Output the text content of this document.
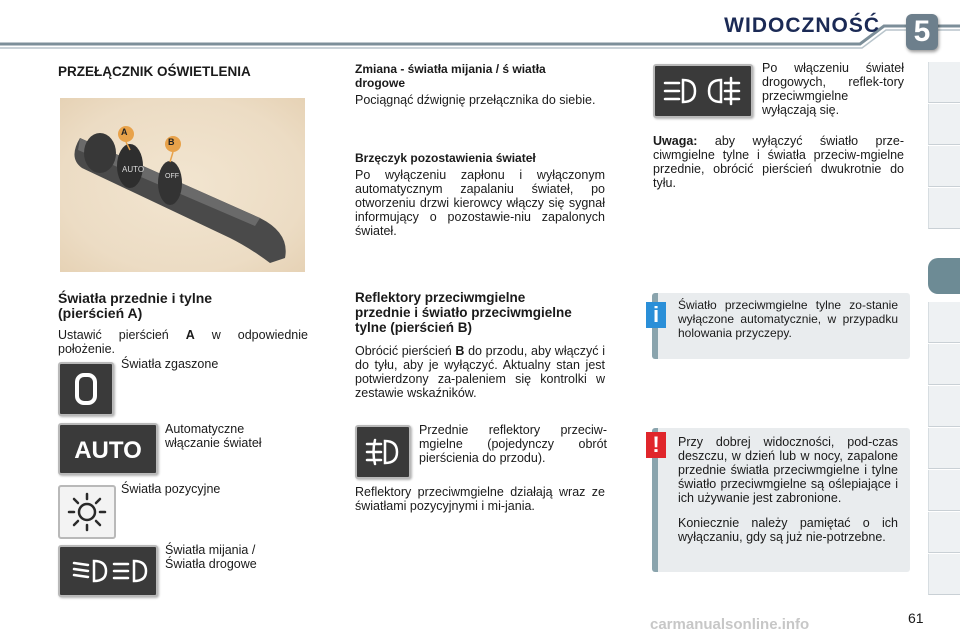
WIDOCZNOŚĆ 5
PRZEŁĄCZNIK OŚWIETLENIA
AUTO
OFF
A
B
Światła przednie i tylne
(pierścień A)
Ustawić pierścień A w odpowiednie położenie.
Światła zgaszone
AUTO
Automatyczne
włączanie świateł
Światła pozycyjne
Światła mijania /
Światła drogowe
Zmiana - światła mijania / ś wiatła
drogowe
Pociągnąć dźwignię przełącznika do siebie.
Brzęczyk pozostawienia świateł
Po wyłączeniu zapłonu i wyłączonym automatycznym zapalaniu świateł, po otworzeniu drzwi kierowcy włączy się sygnał informujący o pozostawie-niu zapalonych świateł.
Reflektory przeciwmgielne
przednie i światło przeciwmgielne
tylne (pierścień B)
Obrócić pierścień B do przodu, aby włączyć i do tyłu, aby je wyłączyć. Aktualny stan jest potwierdzony za-paleniem się kontrolki w zestawie wskaźników.
Przednie reflektory przeciw-mgielne (pojedynczy obrót pierścienia do przodu).
Reflektory przeciwmgielne działają wraz ze światłami pozycyjnymi i mi-jania.
Po włączeniu świateł drogowych, reflek-tory przeciwmgielne wyłączają się.
Uwaga: aby wyłączyć światło prze-ciwmgielne tylne i światła przeciw-mgielne przednie, obrócić pierścień dwukrotnie do tyłu.
i	Światło przeciwmgielne tylne zo-stanie wyłączone automatycznie, w przypadku holowania przyczepy.
!	Przy dobrej widoczności, pod-czas deszczu, w dzień lub w nocy, zapalone przednie światła przeciwmgielne i tylne światło przeciwmgielne są oślepiające i ich używanie jest zabronione.
Koniecznie należy pamiętać o ich wyłączaniu, gdy są już nie-potrzebne.
carmanualsonline.info	61
